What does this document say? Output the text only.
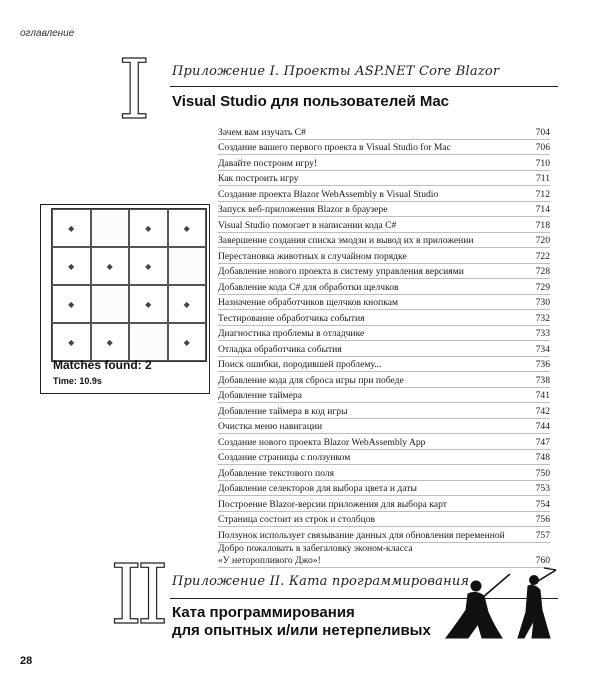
оглавление
I Приложение I. Проекты ASP.NET Core Blazor
Visual Studio для пользователей Mac
Зачем вам изучать C#	704
Создание вашего первого проекта в Visual Studio for Mac	706
Давайте построим игру!	710
Как построить игру	711
Создание проекта Blazor WebAssembly в Visual Studio	712
Запуск веб-приложения Blazor в браузере	714
Visual Studio помогает в написании кода C#	718
Завершение создания списка эмодзи и вывод их в приложении	720
Перестановка животных в случайном порядке	722
Добавление нового проекта в систему управления версиями	728
Добавление кода C# для обработки щелчков	729
Назначение обработчиков щелчков кнопкам	730
Тестирование обработчика события	732
Диагностика проблемы в отладчике	733
Отладка обработчика события	734
Поиск ошибки, породившей проблему...	736
Добавление кода для сброса игры при победе	738
Добавление таймера	741
Добавление таймера в код игры	742
Очистка меню навигации	744
Создание нового проекта Blazor WebAssembly App	747
Создание страницы с ползунком	748
Добавление текстового поля	750
Добавление селекторов для выбора цвета и даты	753
Построение Blazor-версии приложения для выбора карт	754
Страница состоит из строк и столбцов	756
Ползунок использует связывание данных для обновления переменной	757
Добро пожаловать в забегаловку эконом-класса
«У неторопливого Джо»!	760
◆	◆	◆
◆	◆	◆
◆	◆	◆
◆	◆	◆
Matches found: 2
Time: 10.9s
II Приложение II. Ката программирования
Ката программирования
для опытных и/или нетерпеливых
28
